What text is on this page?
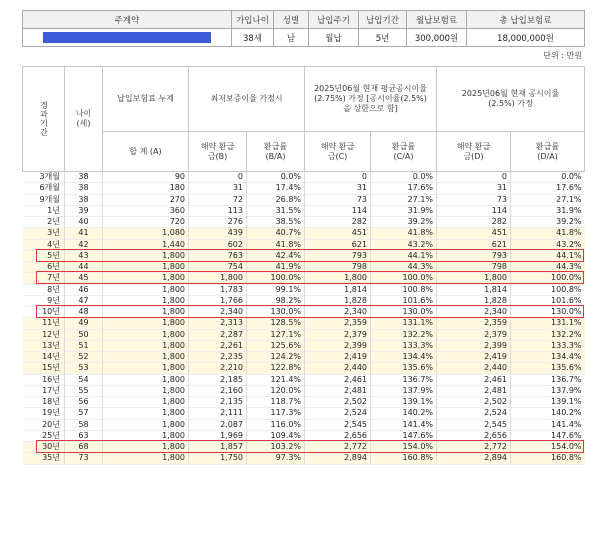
주계약	가입나이	성별	납입주기	납입기간	월납보험료	총 납입보험료

	38세	남	월납	5년	300,000원	18,000,000원
단위 : 만원
경과기간	나이(세)	납입보험료 누계	최저보증이율 가정시		2025년06월 현재 평균공시이율(2.75%) 가정 [공시이율(2.5%)을 상한으로 함]		2025년06월 현재 공시이율(2.5%) 가정	
		합 계 (A)	해약 환급금(B)	환급률 (B/A)	해약 환급금(C)	환급률 (C/A)	해약 환급금(D)	환급률 (D/A)
3개월	38	90	0	0.0%	0	0.0%	0	0.0%
6개월	38	180	31	17.4%	31	17.6%	31	17.6%
9개월	38	270	72	26.8%	73	27.1%	73	27.1%
1년	39	360	113	31.5%	114	31.9%	114	31.9%
2년	40	720	276	38.5%	282	39.2%	282	39.2%
3년	41	1,080	439	40.7%	451	41.8%	451	41.8%
4년	42	1,440	602	41.8%	621	43.2%	621	43.2%
5년	43	1,800	763	42.4%	793	44.1%	793	44.1%
6년	44	1,800	754	41.9%	798	44.3%	798	44.3%
7년	45	1,800	1,800	100.0%	1,800	100.0%	1,800	100.0%
8년	46	1,800	1,783	99.1%	1,814	100.8%	1,814	100.8%
9년	47	1,800	1,766	98.2%	1,828	101.6%	1,828	101.6%
10년	48	1,800	2,340	130.0%	2,340	130.0%	2,340	130.0%
11년	49	1,800	2,313	128.5%	2,359	131.1%	2,359	131.1%
12년	50	1,800	2,287	127.1%	2,379	132.2%	2,379	132.2%
13년	51	1,800	2,261	125.6%	2,399	133.3%	2,399	133.3%
14년	52	1,800	2,235	124.2%	2,419	134.4%	2,419	134.4%
15년	53	1,800	2,210	122.8%	2,440	135.6%	2,440	135.6%
16년	54	1,800	2,185	121.4%	2,461	136.7%	2,461	136.7%
17년	55	1,800	2,160	120.0%	2,481	137.9%	2,481	137.9%
18년	56	1,800	2,135	118.7%	2,502	139.1%	2,502	139.1%
19년	57	1,800	2,111	117.3%	2,524	140.2%	2,524	140.2%
20년	58	1,800	2,087	116.0%	2,545	141.4%	2,545	141.4%
25년	63	1,800	1,969	109.4%	2,656	147.6%	2,656	147.6%
30년	68	1,800	1,857	103.2%	2,772	154.0%	2,772	154.0%
35년	73	1,800	1,750	97.3%	2,894	160.8%	2,894	160.8%
